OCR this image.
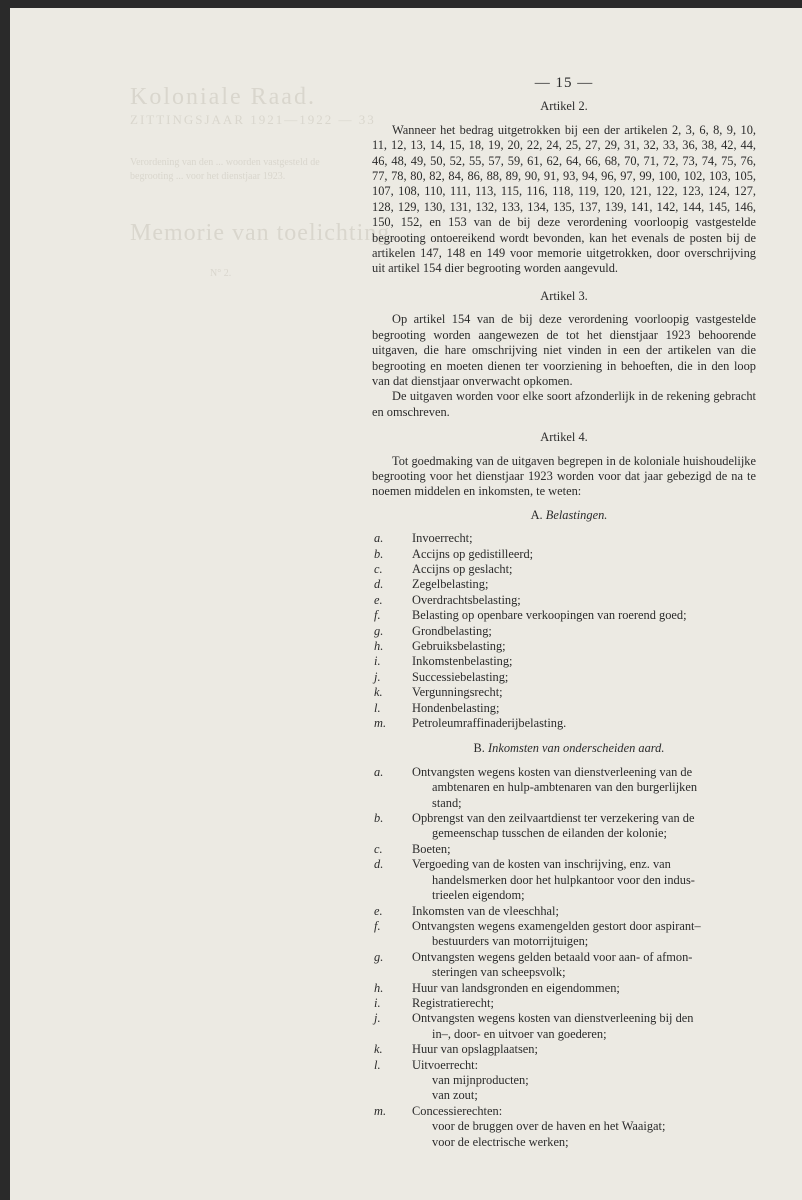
Koloniale Raad.
ZITTINGSJAAR 1921—1922 — 33
Verordening van den ... woorden vastgesteld de begrooting ... voor het dienstjaar 1923.
Memorie van toelichting.
N° 2.
— 15 —
Artikel 2.

Wanneer het bedrag uitgetrokken bij een der artikelen 2, 3, 6, 8, 9, 10, 11, 12, 13, 14, 15, 18, 19, 20, 22, 24, 25, 27, 29, 31, 32, 33, 36, 38, 42, 44, 46, 48, 49, 50, 52, 55, 57, 59, 61, 62, 64, 66, 68, 70, 71, 72, 73, 74, 75, 76, 77, 78, 80, 82, 84, 86, 88, 89, 90, 91, 93, 94, 96, 97, 99, 100, 102, 103, 105, 107, 108, 110, 111, 113, 115, 116, 118, 119, 120, 121, 122, 123, 124, 127, 128, 129, 130, 131, 132, 133, 134, 135, 137, 139, 141, 142, 144, 145, 146, 150, 152, en 153 van de bij deze verordening voorloopig vastgestelde begrooting ontoereikend wordt bevonden, kan het evenals de posten bij de artikelen 147, 148 en 149 voor memorie uitgetrokken, door overschrijving uit artikel 154 dier begrooting worden aangevuld.

Artikel 3.

Op artikel 154 van de bij deze verordening voorloopig vastgestelde begrooting worden aangewezen de tot het dienstjaar 1923 behoorende uitgaven, die hare omschrijving niet vinden in een der artikelen van die begrooting en moeten dienen ter voorziening in behoeften, die in den loop van dat dienstjaar onverwacht opkomen.

De uitgaven worden voor elke soort afzonderlijk in de rekening gebracht en omschreven.

Artikel 4.

Tot goedmaking van de uitgaven begrepen in de koloniale huishoudelijke begrooting voor het dienstjaar 1923 worden voor dat jaar gebezigd de na te noemen middelen en inkomsten, te weten:

A. Belastingen.
a.	Invoerrecht;
b.	Accijns op gedistilleerd;
c.	Accijns op geslacht;
d.	Zegelbelasting;
e.	Overdrachtsbelasting;
f.	Belasting op openbare verkoopingen van roerend goed;
g.	Grondbelasting;
h.	Gebruiksbelasting;
i.	Inkomstenbelasting;
j.	Successiebelasting;
k.	Vergunningsrecht;
l.	Hondenbelasting;
m.	Petroleumraffinaderijbelasting.
B. Inkomsten van onderscheiden aard.
a.	Ontvangsten wegens kosten van dienstverleening van de
ambtenaren en hulp-ambtenaren van den burgerlijken
stand;
b.	Opbrengst van den zeilvaartdienst ter verzekering van de
gemeenschap tusschen de eilanden der kolonie;
c.	Boeten;
d.	Vergoeding van de kosten van inschrijving, enz. van
handelsmerken door het hulpkantoor voor den indus-
trieelen eigendom;
e.	Inkomsten van de vleeschhal;
f.	Ontvangsten wegens examengelden gestort door aspirant–
bestuurders van motorrijtuigen;
g.	Ontvangsten wegens gelden betaald voor aan- of afmon-
steringen van scheepsvolk;
h.	Huur van landsgronden en eigendommen;
i.	Registratierecht;
j.	Ontvangsten wegens kosten van dienstverleening bij den
in–, door- en uitvoer van goederen;
k.	Huur van opslagplaatsen;
l.	Uitvoerrecht:
van mijnproducten;
van zout;
m.	Concessierechten:
voor de bruggen over de haven en het Waaigat;
voor de electrische werken;
